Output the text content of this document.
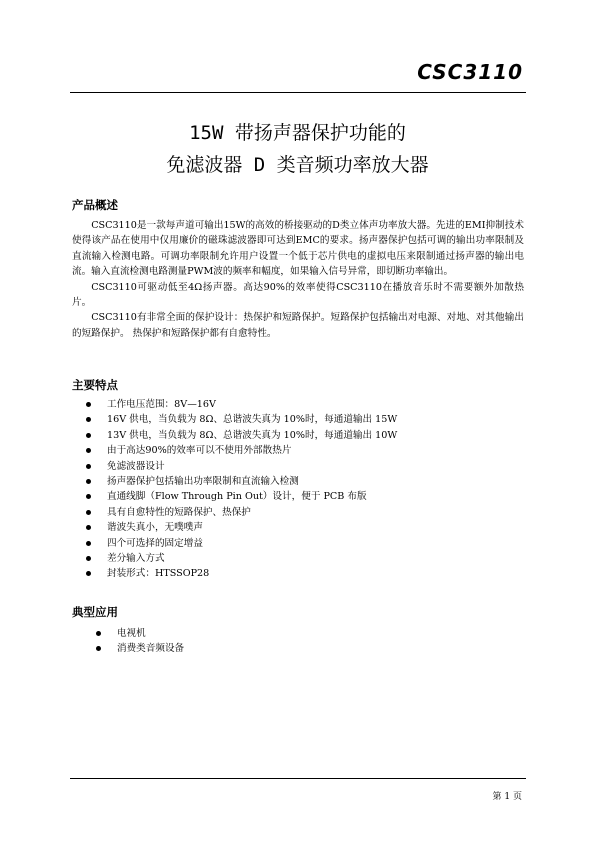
CSC3110
15W 带扬声器保护功能的
免滤波器 D 类音频功率放大器
产品概述

CSC3110是一款每声道可输出15W的高效的桥接驱动的D类立体声功率放大器。先进的EMI抑制技术使得该产品在使用中仅用廉价的磁珠滤波器即可达到EMC的要求。扬声器保护包括可调的输出功率限制及直流输入检测电路。可调功率限制允许用户设置一个低于芯片供电的虚拟电压来限制通过扬声器的输出电流。输入直流检测电路测量PWM波的频率和幅度，如果输入信号异常，即切断功率输出。

CSC3110可驱动低至4Ω扬声器。高达90%的效率使得CSC3110在播放音乐时不需要额外加散热片。

CSC3110有非常全面的保护设计：热保护和短路保护。短路保护包括输出对电源、对地、对其他输出的短路保护。 热保护和短路保护都有自愈特性。

主要特点
工作电压范围：8V—16V
16V 供电，当负载为 8Ω、总谐波失真为 10%时，每通道输出 15W
13V 供电，当负载为 8Ω、总谐波失真为 10%时，每通道输出 10W
由于高达90%的效率可以不使用外部散热片
免滤波器设计
扬声器保护包括输出功率限制和直流输入检测
直通线脚（Flow Through Pin Out）设计，便于 PCB 布版
具有自愈特性的短路保护、热保护
谐波失真小，无噗噗声
四个可选择的固定增益
差分输入方式
封装形式：HTSSOP28
典型应用
电视机
消费类音频设备
第 1 页
